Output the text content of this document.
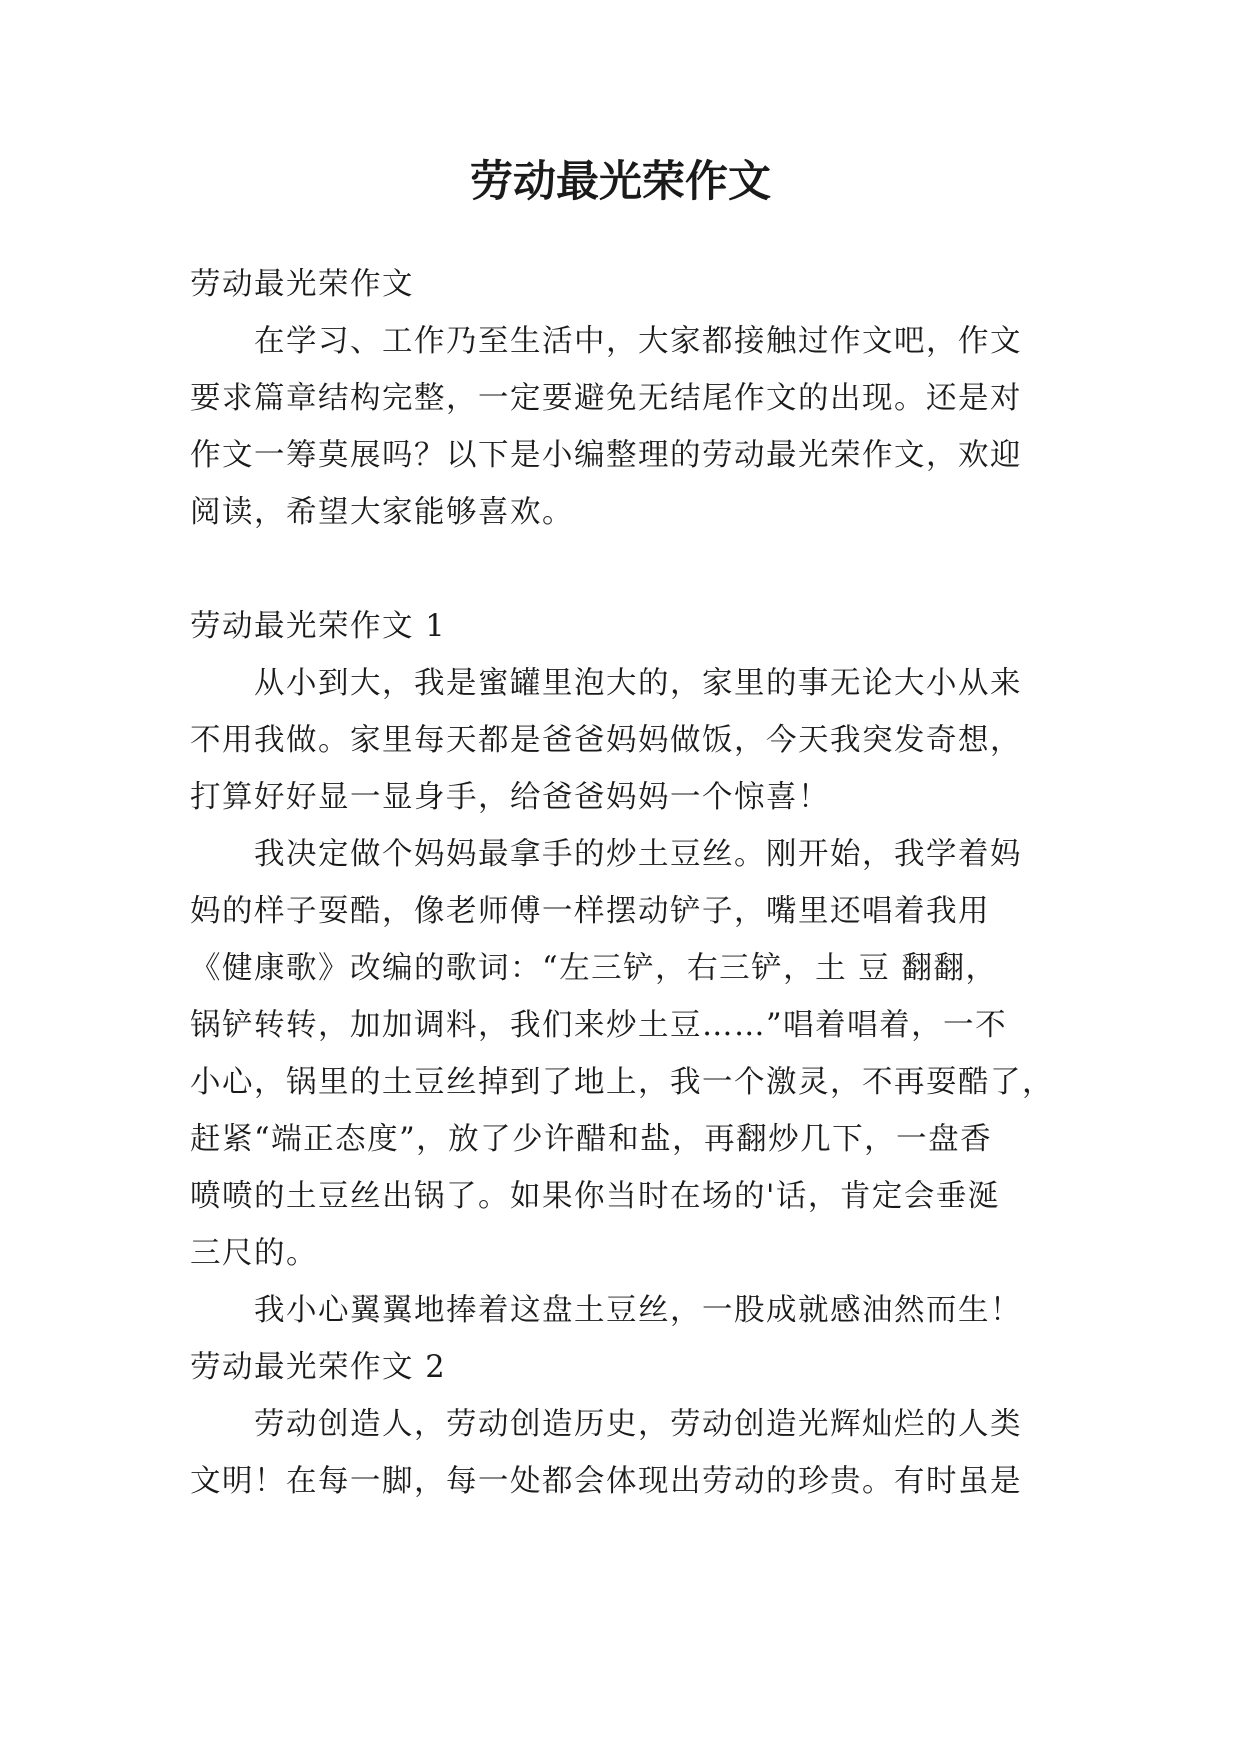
劳动最光荣作文

劳动最光荣作文

在学习、工作乃至生活中，大家都接触过作文吧，作文

要求篇章结构完整，一定要避免无结尾作文的出现。还是对

作文一筹莫展吗？以下是小编整理的劳动最光荣作文，欢迎

阅读，希望大家能够喜欢。

劳动最光荣作文 1

从小到大，我是蜜罐里泡大的，家里的事无论大小从来

不用我做。家里每天都是爸爸妈妈做饭，今天我突发奇想，

打算好好显一显身手，给爸爸妈妈一个惊喜！

我决定做个妈妈最拿手的炒土豆丝。刚开始，我学着妈

妈的样子耍酷，像老师傅一样摆动铲子，嘴里还唱着我用

《健康歌》改编的歌词：“左三铲，右三铲，土 豆 翻翻，

锅铲转转，加加调料，我们来炒土豆……”唱着唱着，一不

小心，锅里的土豆丝掉到了地上，我一个激灵，不再耍酷了，

赶紧“端正态度”，放了少许醋和盐，再翻炒几下，一盘香

喷喷的土豆丝出锅了。如果你当时在场的'话，肯定会垂涎

三尺的。

我小心翼翼地捧着这盘土豆丝，一股成就感油然而生！

劳动最光荣作文 2

劳动创造人，劳动创造历史，劳动创造光辉灿烂的人类

文明！在每一脚，每一处都会体现出劳动的珍贵。有时虽是
